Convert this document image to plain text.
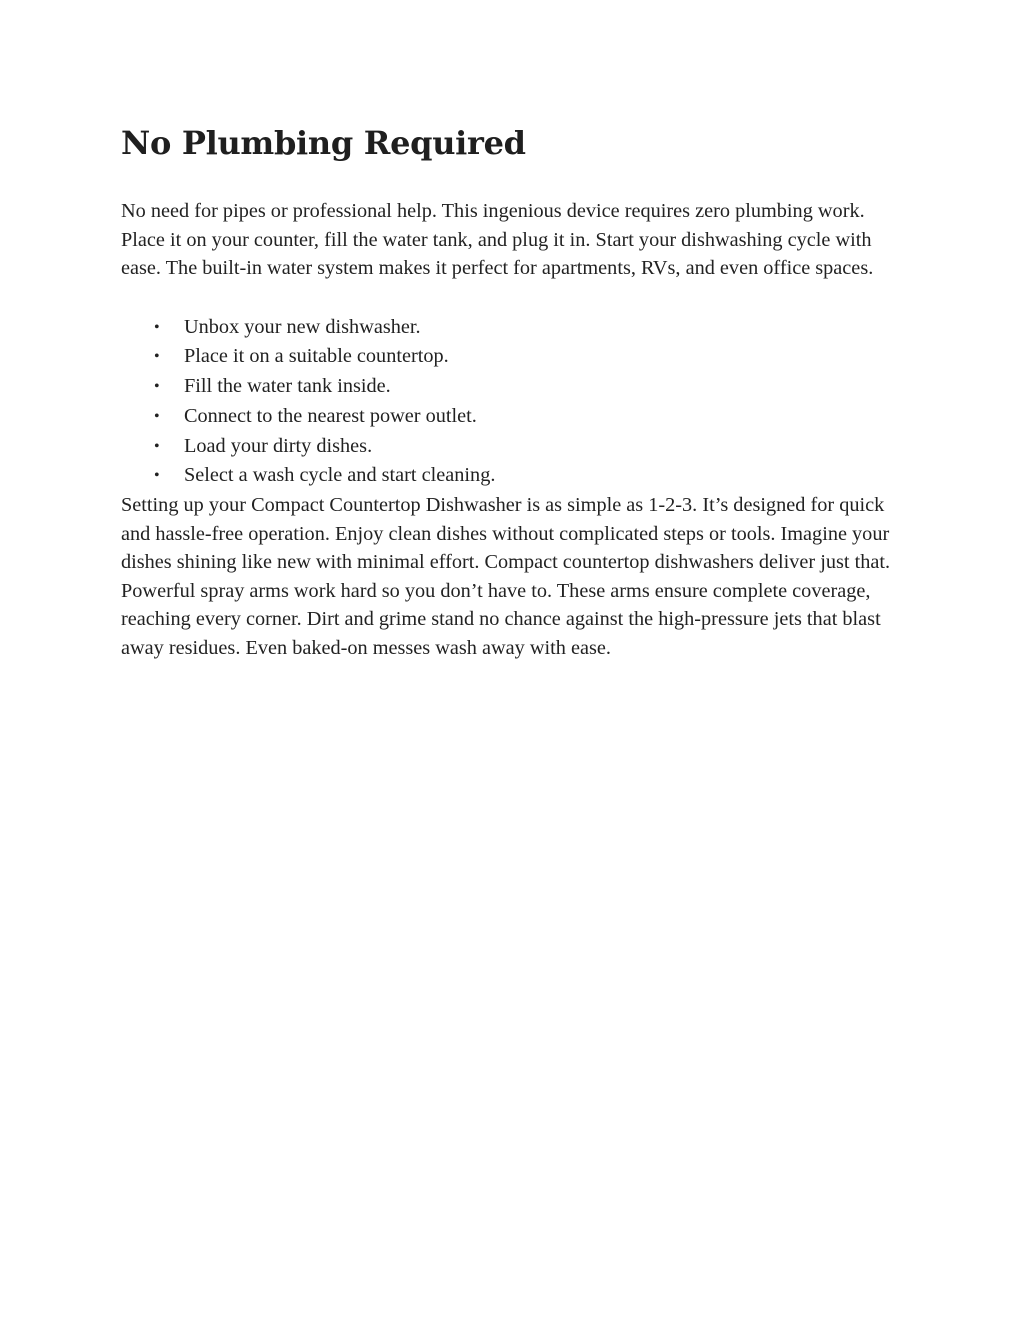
No Plumbing Required

No need for pipes or professional help. This ingenious device requires zero plumbing work. Place it on your counter, fill the water tank, and plug it in. Start your dishwashing cycle with ease. The built-in water system makes it perfect for apartments, RVs, and even office spaces.

• Unbox your new dishwasher.
• Place it on a suitable countertop.
• Fill the water tank inside.
• Connect to the nearest power outlet.
• Load your dirty dishes.
• Select a wash cycle and start cleaning.

Setting up your Compact Countertop Dishwasher is as simple as 1-2-3. It’s designed for quick and hassle-free operation. Enjoy clean dishes without complicated steps or tools. Imagine your dishes shining like new with minimal effort. Compact countertop dishwashers deliver just that. Powerful spray arms work hard so you don’t have to. These arms ensure complete coverage, reaching every corner. Dirt and grime stand no chance against the high-pressure jets that blast away residues. Even baked-on messes wash away with ease.
